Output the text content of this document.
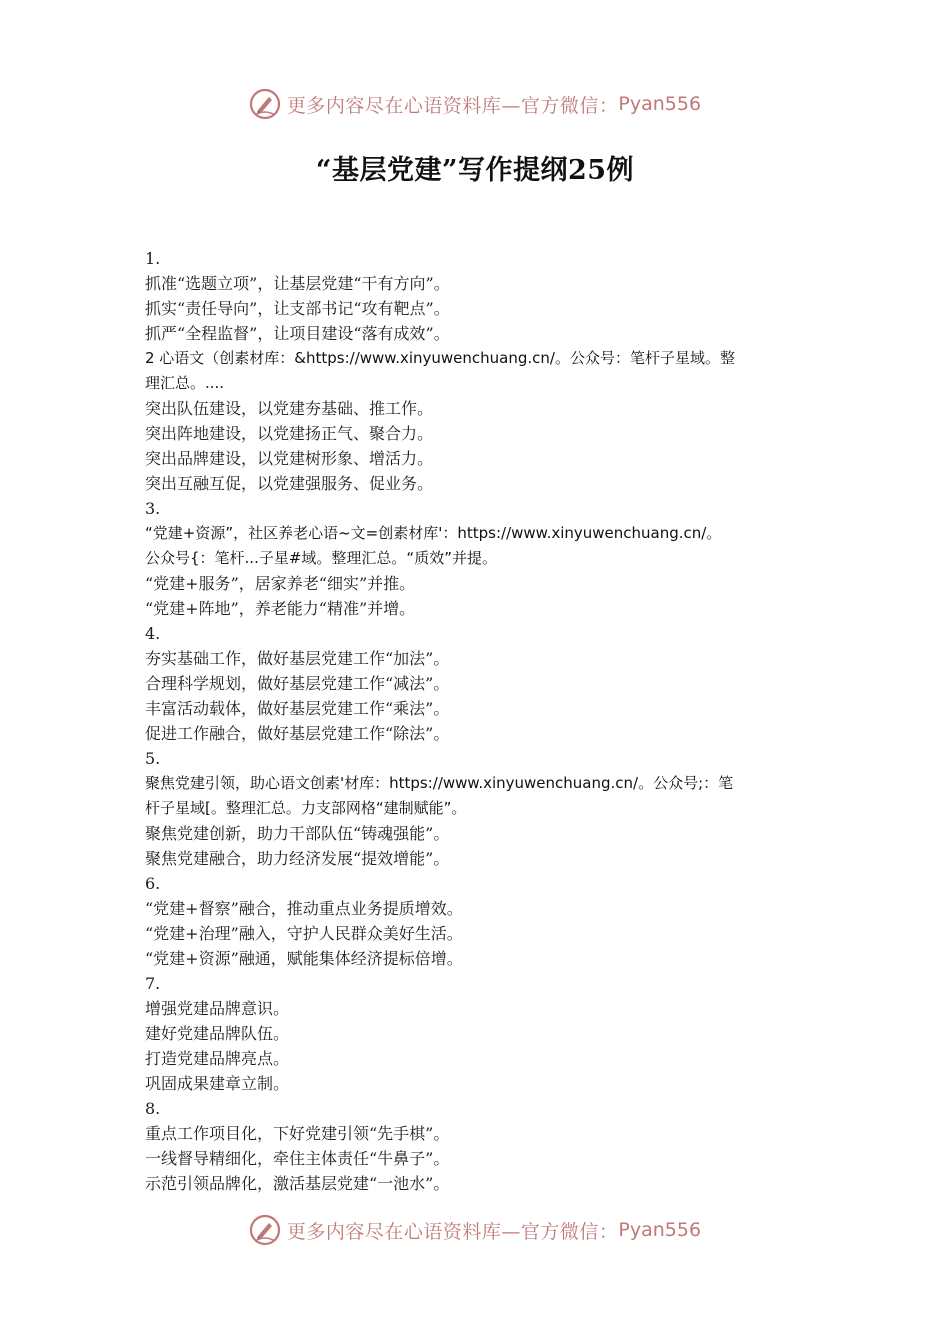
更多内容尽在心语资料库—官方微信： Pyan556
“基层党建”写作提纲25例
1.
抓准“选题立项”，让基层党建“干有方向”。
抓实“责任导向”，让支部书记“攻有靶点”。
抓严“全程监督”，让项目建设“落有成效”。
2 心语文（创素材库：&https://www.xinyuwenchuang.cn/。公众号：笔杆子星域。整
理汇总。....
突出队伍建设，以党建夯基础、推工作。
突出阵地建设，以党建扬正气、聚合力。
突出品牌建设，以党建树形象、增活力。
突出互融互促，以党建强服务、促业务。
3.
“党建+资源”，社区养老心语~文=创素材库'：https://www.xinyuwenchuang.cn/。
公众号{：笔杆...子星#域。整理汇总。“质效”并提。
“党建+服务”，居家养老“细实”并推。
“党建+阵地”，养老能力“精准”并增。
4.
夯实基础工作，做好基层党建工作“加法”。
合理科学规划，做好基层党建工作“减法”。
丰富活动载体，做好基层党建工作“乘法”。
促进工作融合，做好基层党建工作“除法”。
5.
聚焦党建引领，助心语文创素'材库：https://www.xinyuwenchuang.cn/。公众号;：笔
杆子星域[。整理汇总。力支部网格“建制赋能”。
聚焦党建创新，助力干部队伍“铸魂强能”。
聚焦党建融合，助力经济发展“提效增能”。
6.
“党建+督察”融合，推动重点业务提质增效。
“党建+治理”融入，守护人民群众美好生活。
“党建+资源”融通，赋能集体经济提标倍增。
7.
增强党建品牌意识。
建好党建品牌队伍。
打造党建品牌亮点。
巩固成果建章立制。
8.
重点工作项目化，下好党建引领“先手棋”。
一线督导精细化，牵住主体责任“牛鼻子”。
示范引领品牌化，激活基层党建“一池水”。
更多内容尽在心语资料库—官方微信： Pyan556
